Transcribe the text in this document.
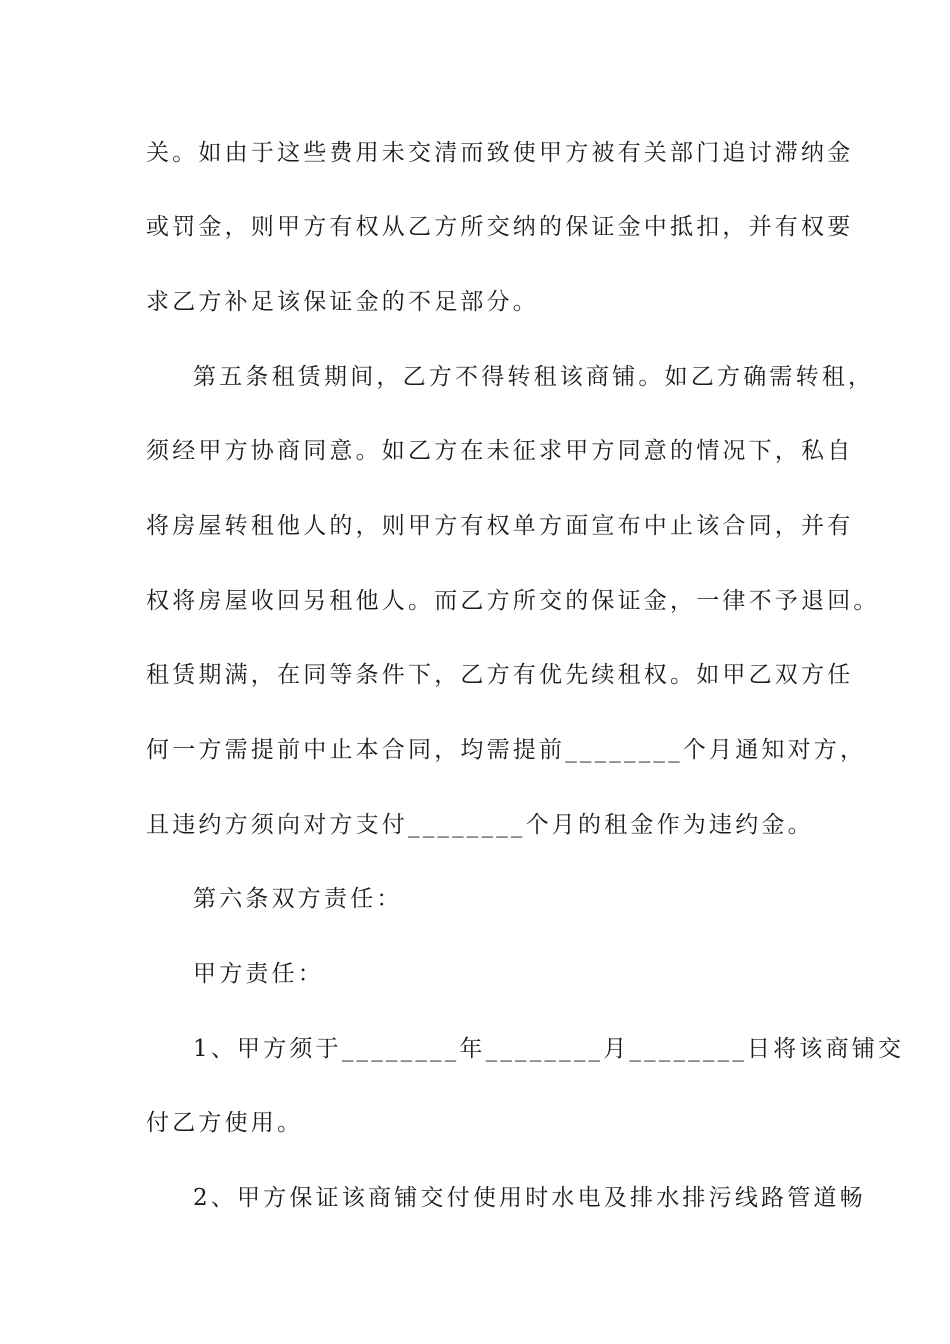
关。如由于这些费用未交清而致使甲方被有关部门追讨滞纳金
或罚金，则甲方有权从乙方所交纳的保证金中抵扣，并有权要
求乙方补足该保证金的不足部分。
第五条租赁期间，乙方不得转租该商铺。如乙方确需转租，
须经甲方协商同意。如乙方在未征求甲方同意的情况下，私自
将房屋转租他人的，则甲方有权单方面宣布中止该合同，并有
权将房屋收回另租他人。而乙方所交的保证金，一律不予退回。
租赁期满，在同等条件下，乙方有优先续租权。如甲乙双方任
何一方需提前中止本合同，均需提前________个月通知对方，
且违约方须向对方支付________个月的租金作为违约金。
第六条双方责任：
甲方责任：
1、甲方须于________年________月________日将该商铺交
付乙方使用。
2、甲方保证该商铺交付使用时水电及排水排污线路管道畅
